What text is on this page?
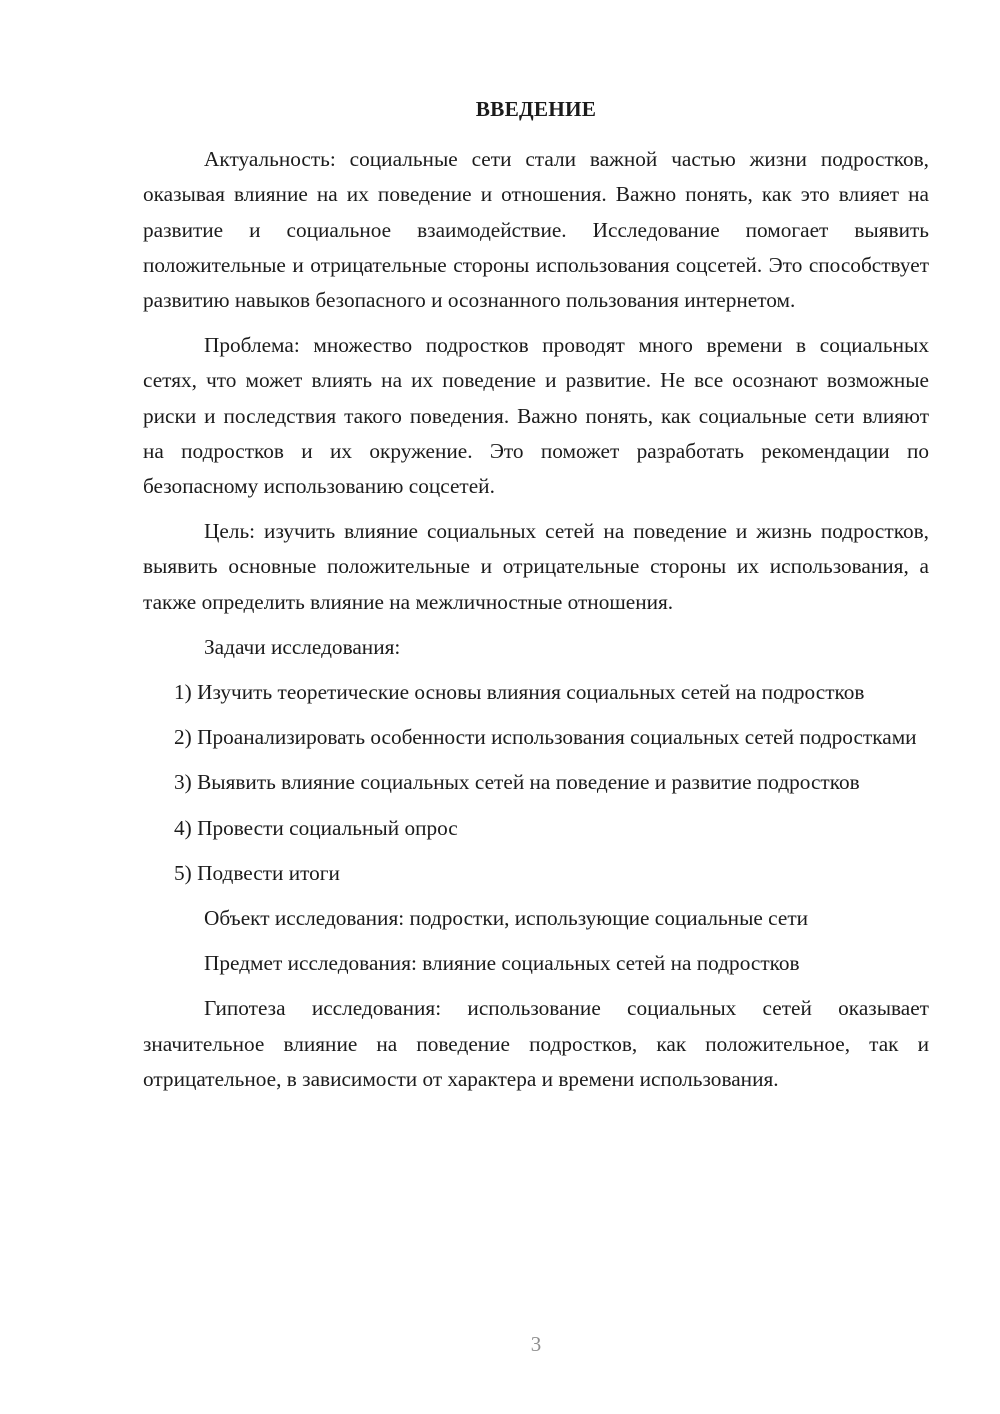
ВВЕДЕНИЕ

Актуальность: социальные сети стали важной частью жизни подростков, оказывая влияние на их поведение и отношения. Важно понять, как это влияет на развитие и социальное взаимодействие. Исследование помогает выявить положительные и отрицательные стороны использования соцсетей. Это способствует развитию навыков безопасного и осознанного пользования интернетом.

Проблема: множество подростков проводят много времени в социальных сетях, что может влиять на их поведение и развитие. Не все осознают возможные риски и последствия такого поведения. Важно понять, как социальные сети влияют на подростков и их окружение. Это поможет разработать рекомендации по безопасному использованию соцсетей.

Цель: изучить влияние социальных сетей на поведение и жизнь подростков, выявить основные положительные и отрицательные стороны их использования, а также определить влияние на межличностные отношения.

Задачи исследования:

1) Изучить теоретические основы влияния социальных сетей на подростков

2) Проанализировать особенности использования социальных сетей подростками

3) Выявить влияние социальных сетей на поведение и развитие подростков

4) Провести социальный опрос

5) Подвести итоги

Объект исследования: подростки, использующие социальные сети

Предмет исследования: влияние социальных сетей на подростков

Гипотеза исследования: использование социальных сетей оказывает значительное влияние на поведение подростков, как положительное, так и отрицательное, в зависимости от характера и времени использования.

3
